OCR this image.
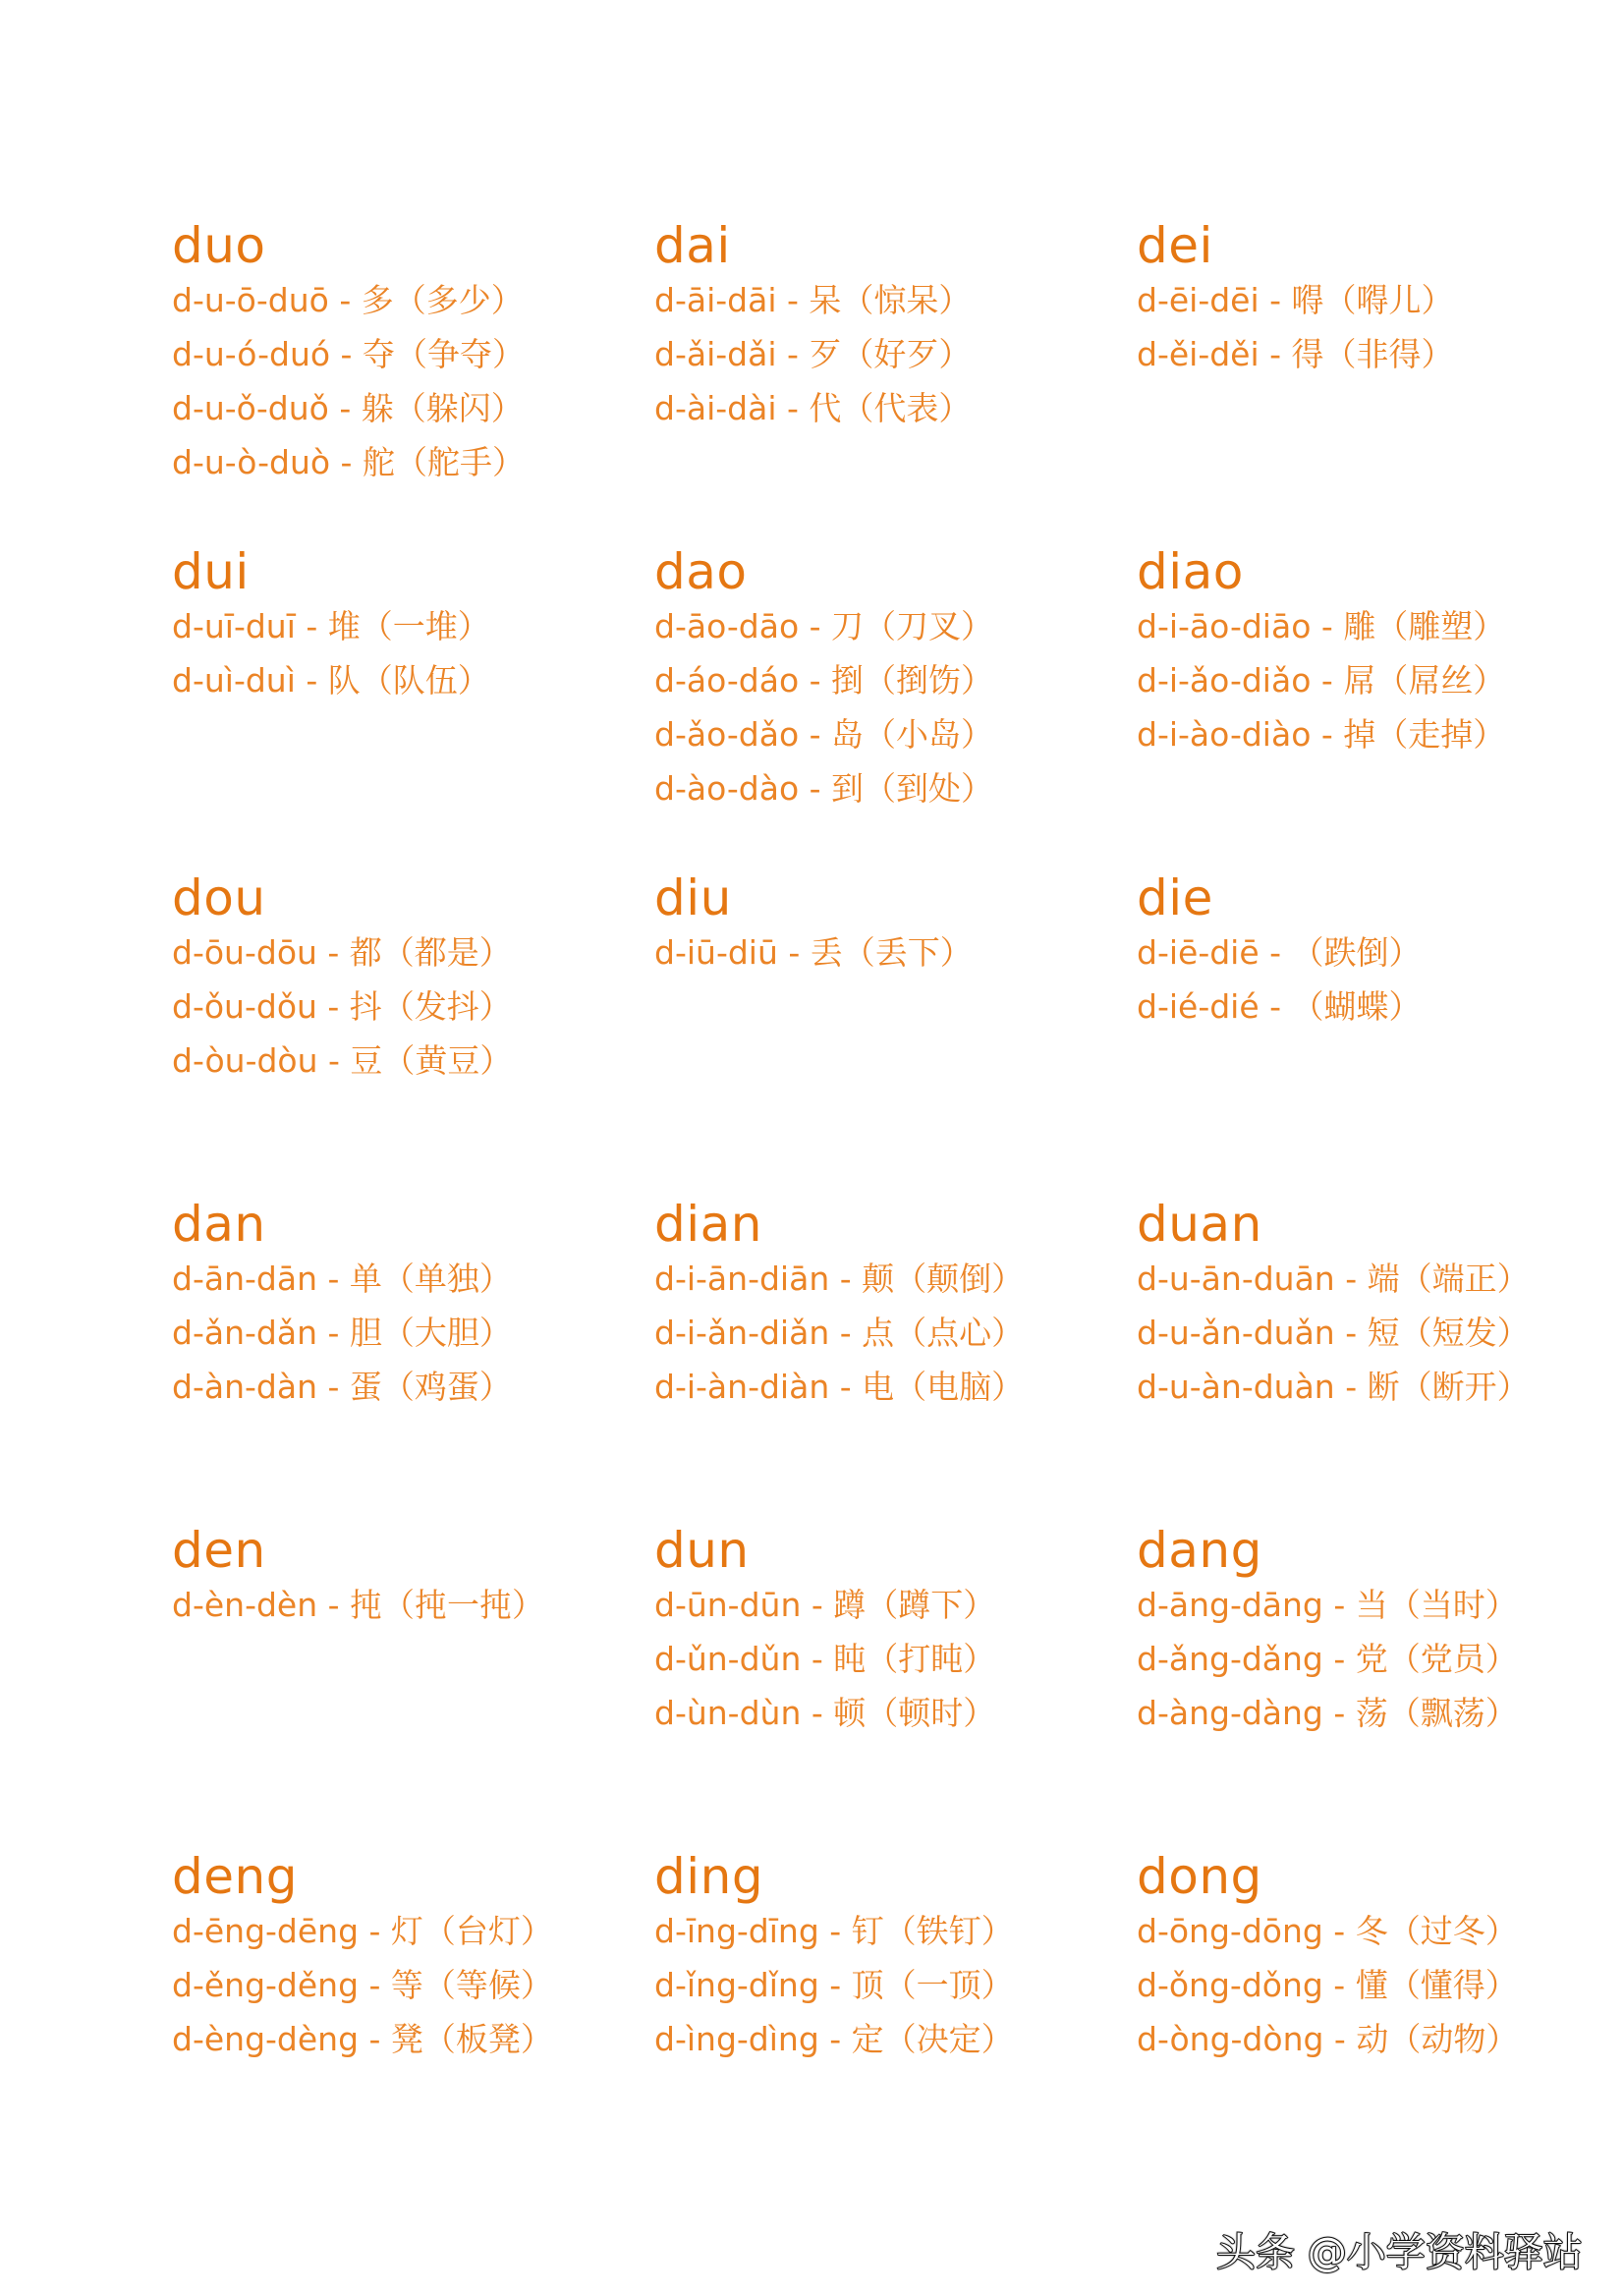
duo
d-u-ō-duō - 多（多少）
d-u-ó-duó - 夺（争夺）
d-u-ǒ-duǒ - 躲（躲闪）
d-u-ò-duò - 舵（舵手）
dai
d-āi-dāi - 呆（惊呆）
d-ǎi-dǎi - 歹（好歹）
d-ài-dài - 代（代表）
dei
d-ēi-dēi - 嘚（嘚儿）
d-ěi-děi - 得（非得）
dui
d-uī-duī - 堆（一堆）
d-uì-duì - 队（队伍）
dao
d-āo-dāo - 刀（刀叉）
d-áo-dáo - 捯（捯饬）
d-ǎo-dǎo - 岛（小岛）
d-ào-dào - 到（到处）
diao
d-i-āo-diāo - 雕（雕塑）
d-i-ǎo-diǎo - 屌（屌丝）
d-i-ào-diào - 掉（走掉）
dou
d-ōu-dōu - 都（都是）
d-ǒu-dǒu - 抖（发抖）
d-òu-dòu - 豆（黄豆）
diu
d-iū-diū - 丢（丢下）
die
d-iē-diē - （跌倒）
d-ié-dié - （蝴蝶）
dan
d-ān-dān - 单（单独）
d-ǎn-dǎn - 胆（大胆）
d-àn-dàn - 蛋（鸡蛋）
dian
d-i-ān-diān - 颠（颠倒）
d-i-ǎn-diǎn - 点（点心）
d-i-àn-diàn - 电（电脑）
duan
d-u-ān-duān - 端（端正）
d-u-ǎn-duǎn - 短（短发）
d-u-àn-duàn - 断（断开）
den
d-èn-dèn - 扽（扽一扽）
dun
d-ūn-dūn - 蹲（蹲下）
d-ǔn-dǔn - 盹（打盹）
d-ùn-dùn - 顿（顿时）
dang
d-āng-dāng - 当（当时）
d-ǎng-dǎng - 党（党员）
d-àng-dàng - 荡（飘荡）
deng
d-ēng-dēng - 灯（台灯）
d-ěng-děng - 等（等候）
d-èng-dèng - 凳（板凳）
ding
d-īng-dīng - 钉（铁钉）
d-ǐng-dǐng - 顶（一顶）
d-ìng-dìng - 定（决定）
dong
d-ōng-dōng - 冬（过冬）
d-ǒng-dǒng - 懂（懂得）
d-òng-dòng - 动（动物）
头条 @小学资料驿站
